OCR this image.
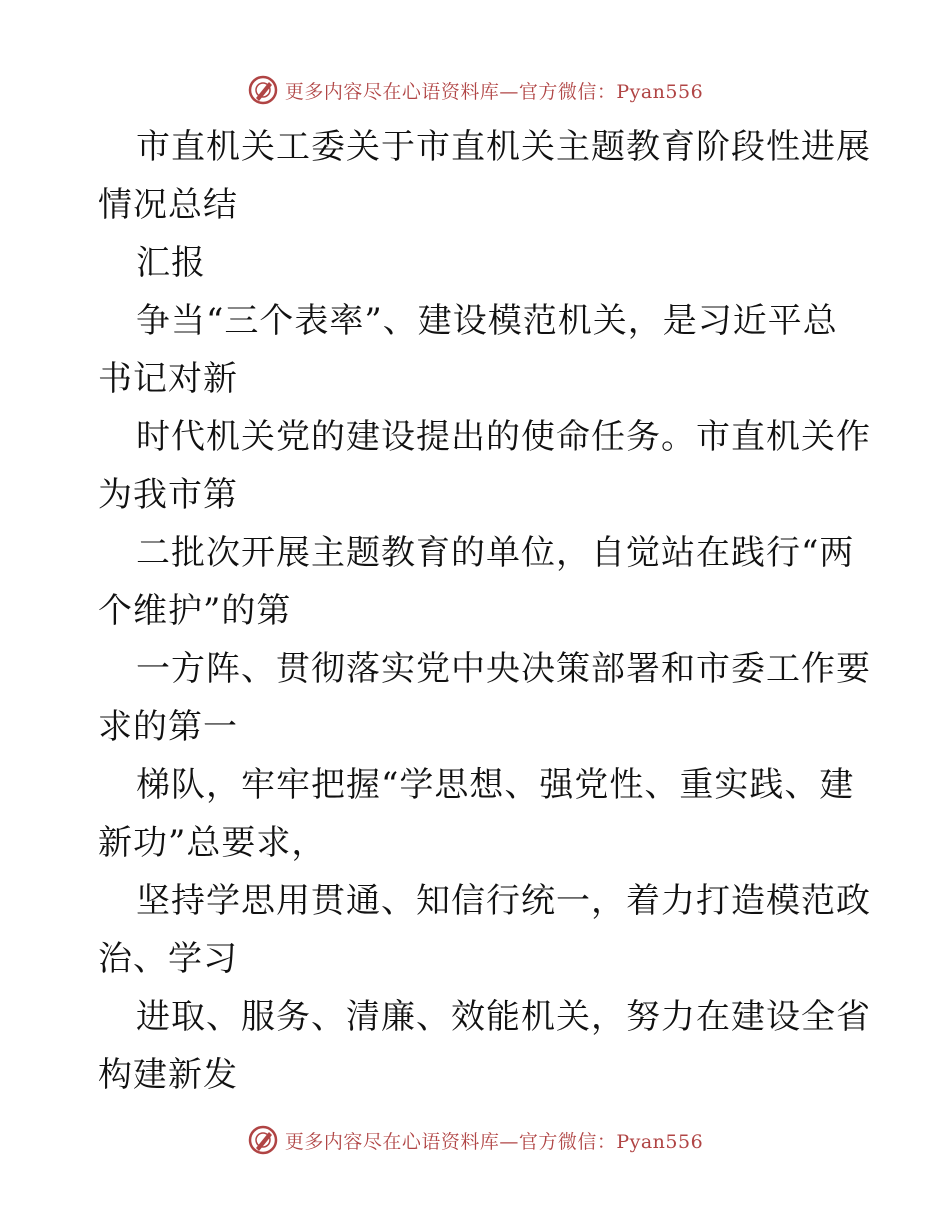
更多内容尽在心语资料库—官方微信：Pyan556
市直机关工委关于市直机关主题教育阶段性进展
情况总结
汇报
争当“三个表率”、建设模范机关，是习近平总
书记对新
时代机关党的建设提出的使命任务。市直机关作
为我市第
二批次开展主题教育的单位，自觉站在践行“两
个维护”的第
一方阵、贯彻落实党中央决策部署和市委工作要
求的第一
梯队，牢牢把握“学思想、强党性、重实践、建
新功”总要求，
坚持学思用贯通、知信行统一，着力打造模范政
治、学习
进取、服务、清廉、效能机关，努力在建设全省
构建新发
更多内容尽在心语资料库—官方微信：Pyan556
